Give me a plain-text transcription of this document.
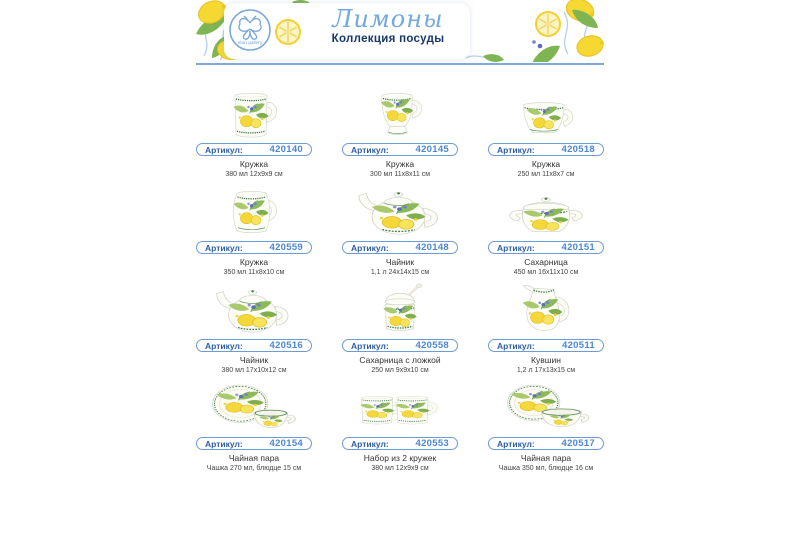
elan gallery
Лимоны
Коллекция посуды
Артикул:	420140
Кружка
380 мл 12х9х9 см
Артикул:	420145
Кружка
300 мл 11х8х11 см
Артикул:	420518
Кружка
250 мл 11х8х7 см
Артикул:	420559
Кружка
350 мл 11х8х10 см
Артикул:	420148
Чайник
1,1 л 24х14х15 см
Артикул:	420151
Сахарница
450 мл 16х11х10 см
Артикул:	420516
Чайник
380 мл 17х10х12 см
Артикул:	420558
Сахарница с ложкой
250 мл 9х9х10 см
Артикул:	420511
Кувшин
1,2 л 17х13х15 см
Артикул:	420154
Чайная пара
Чашка 270 мл, блюдце 15 см
Артикул:	420553
Набор из 2 кружек
380 мл 12х9х9 см
Артикул:	420517
Чайная пара
Чашка 350 мл, блюдце 16 см
